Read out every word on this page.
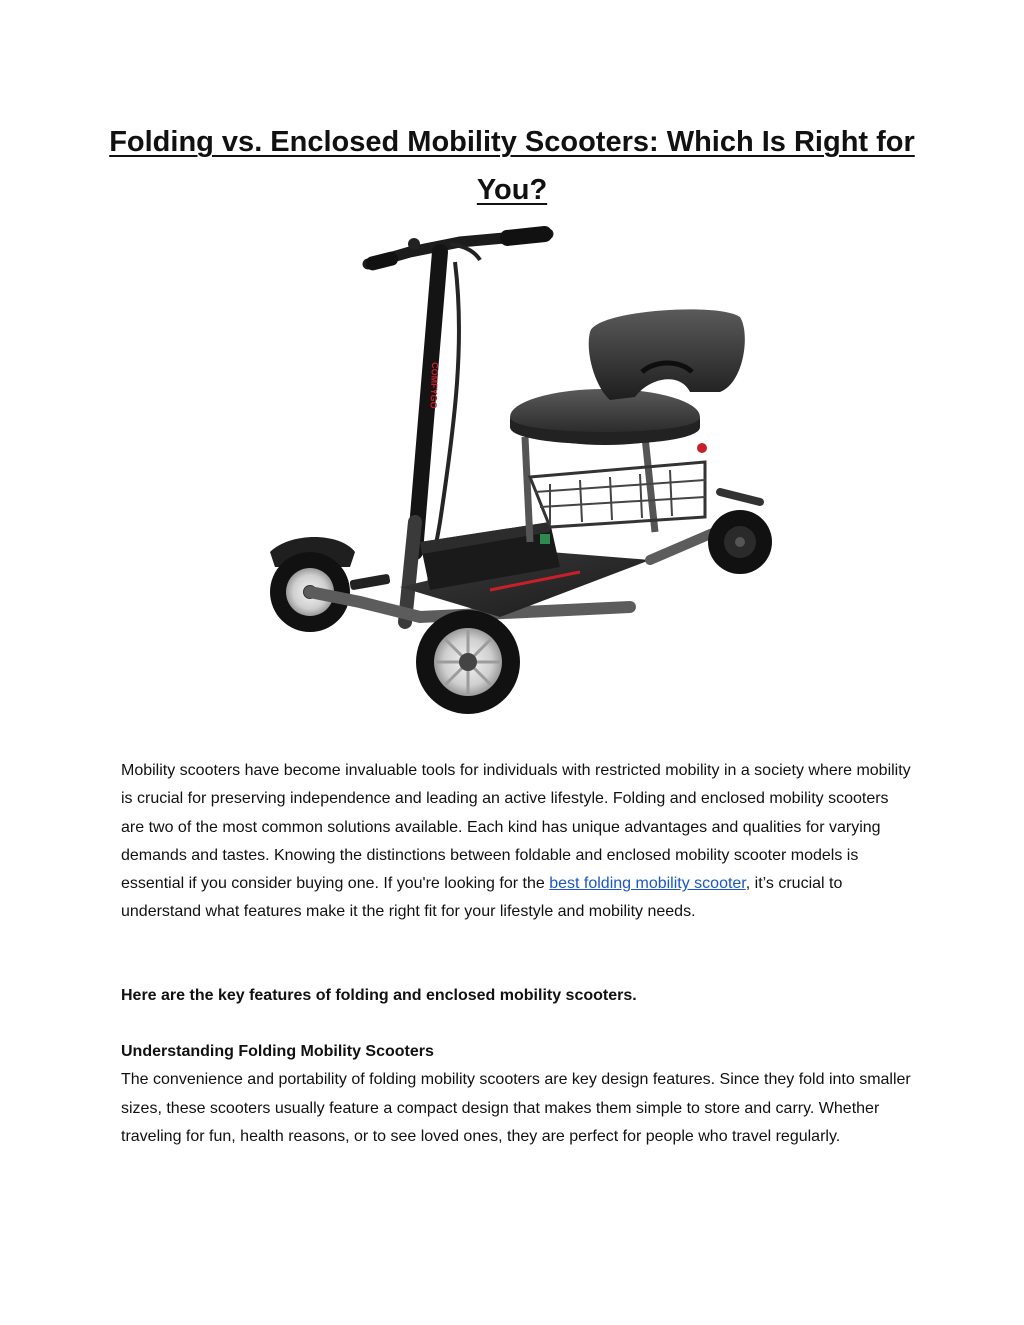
Folding vs. Enclosed Mobility Scooters: Which Is Right for You?
COMFYGO

Mobility scooters have become invaluable tools for individuals with restricted mobility in a society where mobility is crucial for preserving independence and leading an active lifestyle. Folding and enclosed mobility scooters are two of the most common solutions available. Each kind has unique advantages and qualities for varying demands and tastes. Knowing the distinctions between foldable and enclosed mobility scooter models is essential if you consider buying one. If you're looking for the best folding mobility scooter, it’s crucial to understand what features make it the right fit for your lifestyle and mobility needs.

Here are the key features of folding and enclosed mobility scooters.

Understanding Folding Mobility Scooters
The convenience and portability of folding mobility scooters are key design features. Since they fold into smaller sizes, these scooters usually feature a compact design that makes them simple to store and carry. Whether traveling for fun, health reasons, or to see loved ones, they are perfect for people who travel regularly.
